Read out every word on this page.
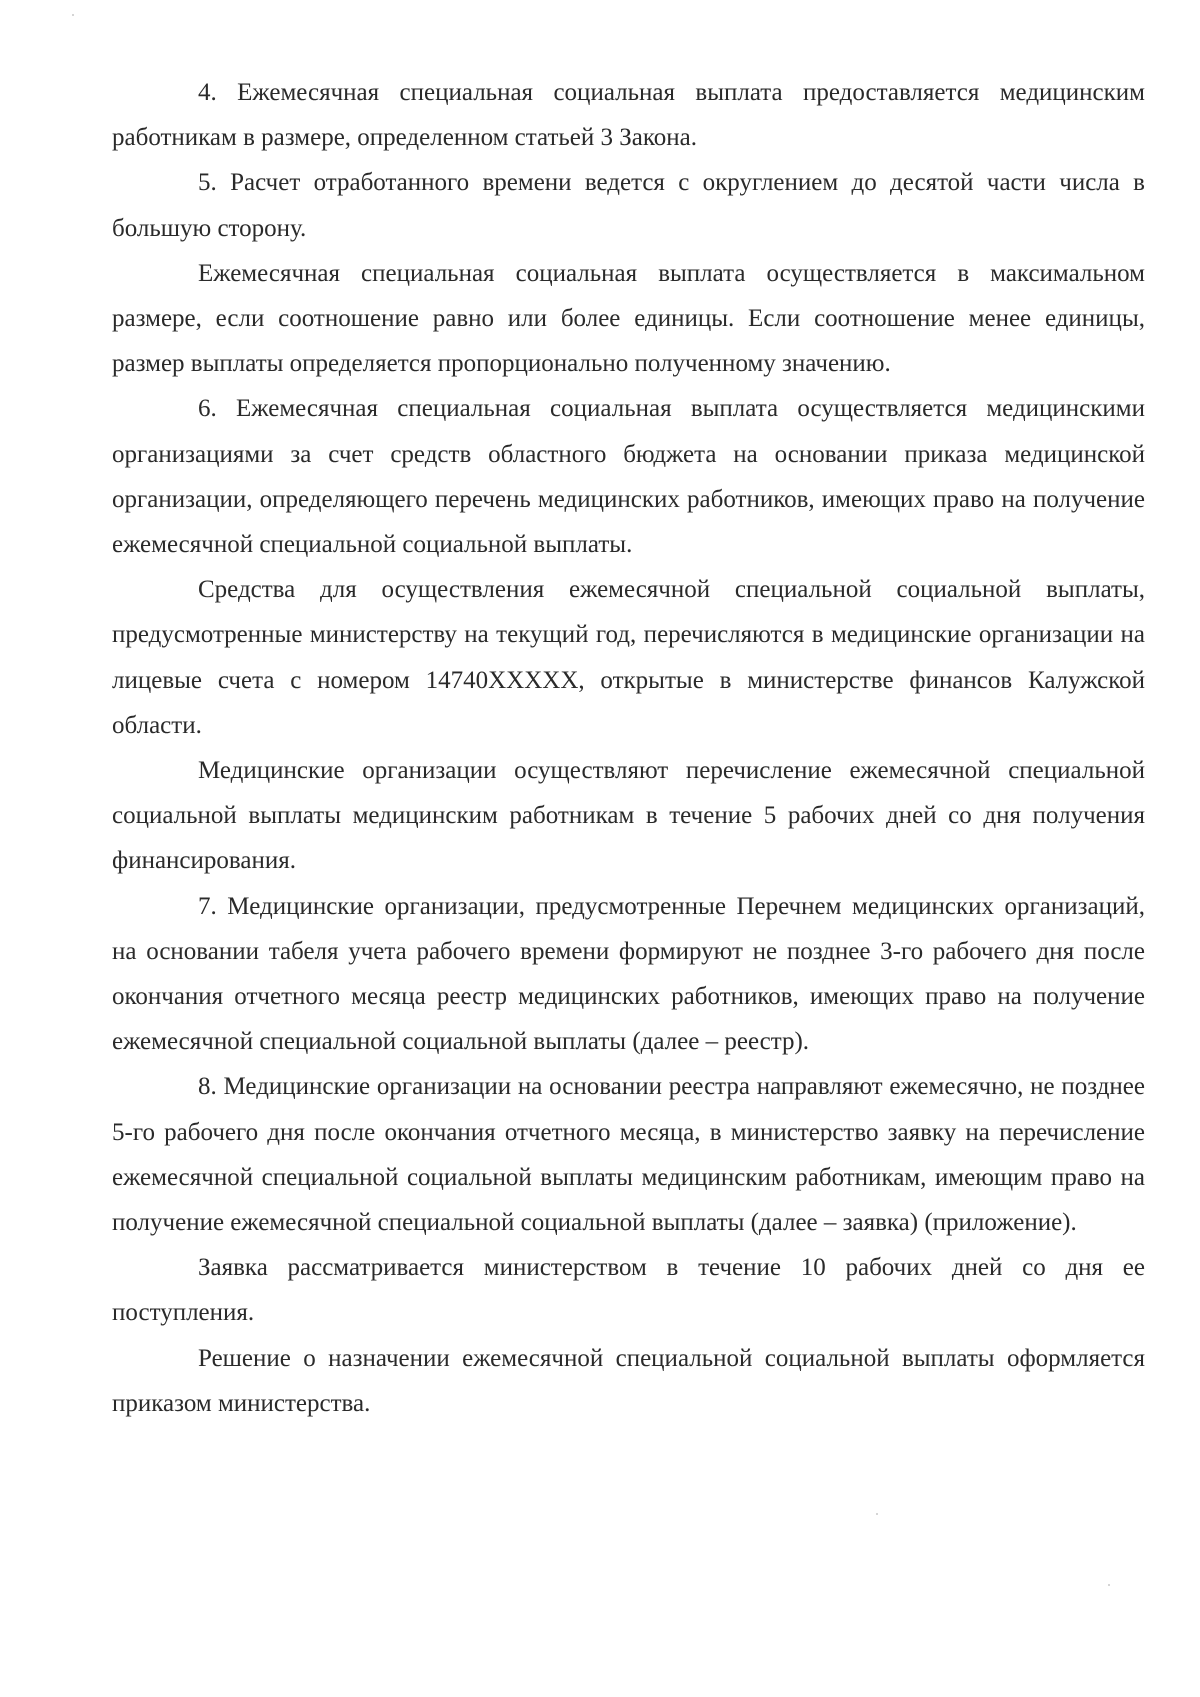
4. Ежемесячная специальная социальная выплата предоставляется медицинским работникам в размере, определенном статьей 3 Закона.

5. Расчет отработанного времени ведется с округлением до десятой части числа в большую сторону.

Ежемесячная специальная социальная выплата осуществляется в максимальном размере, если соотношение равно или более единицы. Если соотношение менее единицы, размер выплаты определяется пропорционально полученному значению.

6. Ежемесячная специальная социальная выплата осуществляется медицинскими организациями за счет средств областного бюджета на основании приказа медицинской организации, определяющего перечень медицинских работников, имеющих право на получение ежемесячной специальной социальной выплаты.

Средства для осуществления ежемесячной специальной социальной выплаты, предусмотренные министерству на текущий год, перечисляются в медицинские организации на лицевые счета с номером 14740ХХХХХ, открытые в министерстве финансов Калужской области.

Медицинские организации осуществляют перечисление ежемесячной специальной социальной выплаты медицинским работникам в течение 5 рабочих дней со дня получения финансирования.

7. Медицинские организации, предусмотренные Перечнем медицинских организаций, на основании табеля учета рабочего времени формируют не позднее 3-го рабочего дня после окончания отчетного месяца реестр медицинских работников, имеющих право на получение ежемесячной специальной социальной выплаты (далее – реестр).

8. Медицинские организации на основании реестра направляют ежемесячно, не позднее 5-го рабочего дня после окончания отчетного месяца, в министерство заявку на перечисление ежемесячной специальной социальной выплаты медицинским работникам, имеющим право на получение ежемесячной специальной социальной выплаты (далее – заявка) (приложение).

Заявка рассматривается министерством в течение 10 рабочих дней со дня ее поступления.

Решение о назначении ежемесячной специальной социальной выплаты оформляется приказом министерства.
